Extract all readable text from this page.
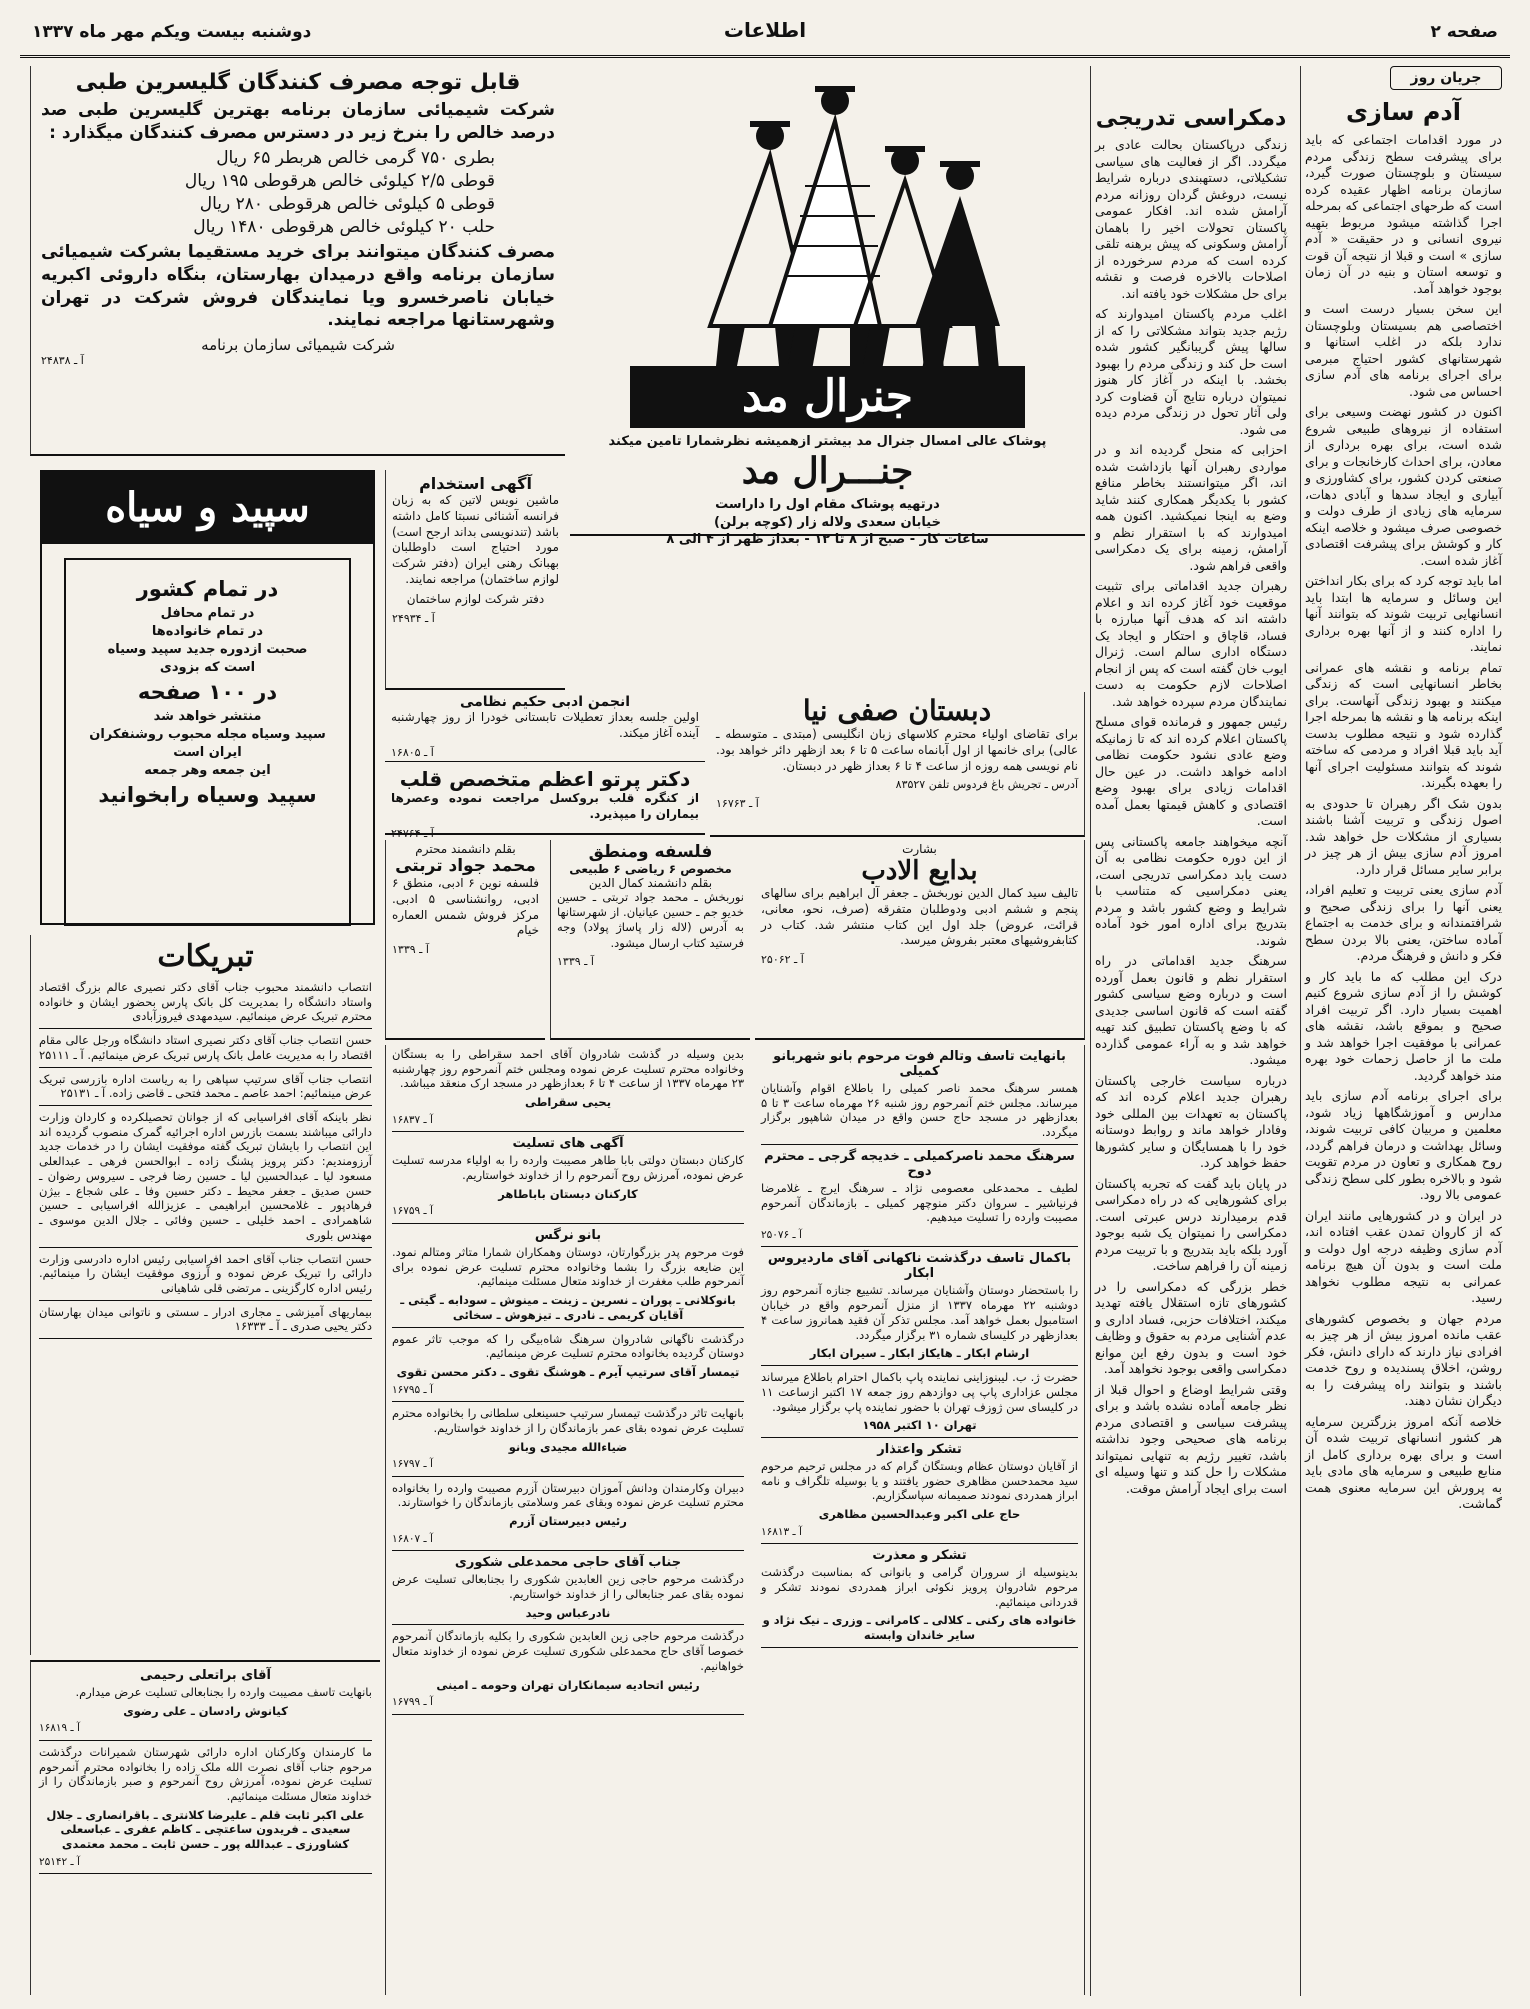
صفحه ۲
اطلاعات
دوشنبه بیست ویکم مهر ماه ۱۳۳۷
جریان روز
آدم سازی

در مورد اقدامات اجتماعی که باید برای پیشرفت سطح زندگی مردم سیستان و بلوچستان صورت گیرد، سازمان برنامه اظهار عقیده کرده است که طرحهای اجتماعی که بمرحله اجرا گذاشته میشود مربوط بتهیه نیروی انسانی و در حقیقت « آدم سازی » است و قبلا از نتیجه آن قوت و توسعه استان و بنیه در آن زمان بوجود خواهد آمد.

این سخن بسیار درست است و اختصاصی هم بسیستان وبلوچستان ندارد بلکه در اغلب استانها و شهرستانهای کشور احتیاج مبرمی برای اجرای برنامه های آدم سازی احساس می شود.

اکنون در کشور نهضت وسیعی برای استفاده از نیروهای طبیعی شروع شده است، برای بهره برداری از معادن، برای احداث کارخانجات و برای صنعتی کردن کشور، برای کشاورزی و آبیاری و ایجاد سدها و آبادی دهات، سرمایه های زیادی از طرف دولت و خصوصی صرف میشود و خلاصه اینکه کار و کوشش برای پیشرفت اقتصادی آغاز شده است.

اما باید توجه کرد که برای بکار انداختن این وسائل و سرمایه ها ابتدا باید انسانهایی تربیت شوند که بتوانند آنها را اداره کنند و از آنها بهره برداری نمایند.

تمام برنامه و نقشه های عمرانی بخاطر انسانهایی است که زندگی میکنند و بهبود زندگی آنهاست. برای اینکه برنامه ها و نقشه ها بمرحله اجرا گذارده شود و نتیجه مطلوب بدست آید باید قبلا افراد و مردمی که ساخته شوند که بتوانند مسئولیت اجرای آنها را بعهده بگیرند.

بدون شک اگر رهبران تا حدودی به اصول زندگی و تربیت آشنا باشند بسیاری از مشکلات حل خواهد شد. امروز آدم سازی بیش از هر چیز در برابر سایر مسائل قرار دارد.

آدم سازی یعنی تربیت و تعلیم افراد، یعنی آنها را برای زندگی صحیح و شرافتمندانه و برای خدمت به اجتماع آماده ساختن، یعنی بالا بردن سطح فکر و دانش و فرهنگ مردم.

درک این مطلب که ما باید کار و کوشش را از آدم سازی شروع کنیم اهمیت بسیار دارد. اگر تربیت افراد صحیح و بموقع باشد، نقشه های عمرانی با موفقیت اجرا خواهد شد و ملت ما از حاصل زحمات خود بهره مند خواهد گردید.

برای اجرای برنامه آدم سازی باید مدارس و آموزشگاهها زیاد شود، معلمین و مربیان کافی تربیت شوند، وسائل بهداشت و درمان فراهم گردد، روح همکاری و تعاون در مردم تقویت شود و بالاخره بطور کلی سطح زندگی عمومی بالا رود.

در ایران و در کشورهایی مانند ایران که از کاروان تمدن عقب افتاده اند، آدم سازی وظیفه درجه اول دولت و ملت است و بدون آن هیچ برنامه عمرانی به نتیجه مطلوب نخواهد رسید.

مردم جهان و بخصوص کشورهای عقب مانده امروز بیش از هر چیز به افرادی نیاز دارند که دارای دانش، فکر روشن، اخلاق پسندیده و روح خدمت باشند و بتوانند راه پیشرفت را به دیگران نشان دهند.

خلاصه آنکه امروز بزرگترین سرمایه هر کشور انسانهای تربیت شده آن است و برای بهره برداری کامل از منابع طبیعی و سرمایه های مادی باید به پرورش این سرمایه معنوی همت گماشت.

دمکراسی تدریجی

زندگی درپاکستان بحالت عادی بر میگردد. اگر از فعالیت های سیاسی تشکیلاتی، دستهبندی درباره شرایط نیست، دروغش گردان روزانه مردم آرامش شده اند. افکار عمومی پاکستان تحولات اخیر را باهمان آرامش وسکونی که پیش برهنه تلقی کرده است که مردم سرخورده از اصلاحات بالاخره فرصت و نقشه برای حل مشکلات خود یافته اند.

اغلب مردم پاکستان امیدوارند که رژیم جدید بتواند مشکلاتی را که از سالها پیش گریبانگیر کشور شده است حل کند و زندگی مردم را بهبود بخشد. با اینکه در آغاز کار هنوز نمیتوان درباره نتایج آن قضاوت کرد ولی آثار تحول در زندگی مردم دیده می شود.

احزابی که منحل گردیده اند و در مواردی رهبران آنها بازداشت شده اند، اگر میتوانستند بخاطر منافع کشور با یکدیگر همکاری کنند شاید وضع به اینجا نمیکشید. اکنون همه امیدوارند که با استقرار نظم و آرامش، زمینه برای یک دمکراسی واقعی فراهم شود.

رهبران جدید اقداماتی برای تثبیت موقعیت خود آغاز کرده اند و اعلام داشته اند که هدف آنها مبارزه با فساد، قاچاق و احتکار و ایجاد یک دستگاه اداری سالم است. ژنرال ایوب خان گفته است که پس از انجام اصلاحات لازم حکومت به دست نمایندگان مردم سپرده خواهد شد.

رئیس جمهور و فرمانده قوای مسلح پاکستان اعلام کرده اند که تا زمانیکه وضع عادی نشود حکومت نظامی ادامه خواهد داشت. در عین حال اقدامات زیادی برای بهبود وضع اقتصادی و کاهش قیمتها بعمل آمده است.

آنچه میخواهند جامعه پاکستانی پس از این دوره حکومت نظامی به آن دست یابد دمکراسی تدریجی است، یعنی دمکراسیی که متناسب با شرایط و وضع کشور باشد و مردم بتدریج برای اداره امور خود آماده شوند.

سرهنگ جدید اقداماتی در راه استقرار نظم و قانون بعمل آورده است و درباره وضع سیاسی کشور گفته است که قانون اساسی جدیدی که با وضع پاکستان تطبیق کند تهیه خواهد شد و به آراء عمومی گذارده میشود.

درباره سیاست خارجی پاکستان رهبران جدید اعلام کرده اند که پاکستان به تعهدات بین المللی خود وفادار خواهد ماند و روابط دوستانه خود را با همسایگان و سایر کشورها حفظ خواهد کرد.

در پایان باید گفت که تجربه پاکستان برای کشورهایی که در راه دمکراسی قدم برمیدارند درس عبرتی است. دمکراسی را نمیتوان یک شبه بوجود آورد بلکه باید بتدریج و با تربیت مردم زمینه آن را فراهم ساخت.

خطر بزرگی که دمکراسی را در کشورهای تازه استقلال یافته تهدید میکند، اختلافات حزبی، فساد اداری و عدم آشنایی مردم به حقوق و وظایف خود است و بدون رفع این موانع دمکراسی واقعی بوجود نخواهد آمد.

وقتی شرایط اوضاع و احوال قبلا از نظر جامعه آماده نشده باشد و برای پیشرفت سیاسی و اقتصادی مردم برنامه های صحیحی وجود نداشته باشد، تغییر رژیم به تنهایی نمیتواند مشکلات را حل کند و تنها وسیله ای است برای ایجاد آرامش موقت.

جنرال مد
پوشاک عالی امسال جنرال مد بیشتر ازهمیشه نظرشمارا تامین میکند
جنـــرال مد
درتهیه پوشاک مقام اول را داراست
خیابان سعدی ولاله زار (کوچه برلن)
ساعات کار - صبح از ۸ تا ۱۲ - بعداز ظهر از ۴ الی ۸
قابل توجه مصرف کنندگان گلیسرین طبی
شرکت شیمیائی سازمان برنامه بهترین گلیسرین طبی صد درصد خالص را بنرخ زیر در دسترس مصرف کنندگان میگذارد :
بطری ۷۵۰ گرمی خالص هربطر ۶۵ ریال
قوطی ۲/۵ کیلوئی خالص هرقوطی ۱۹۵ ریال
قوطی ۵ کیلوئی خالص هرقوطی ۲۸۰ ریال
حلب ۲۰ کیلوئی خالص هرقوطی ۱۴۸۰ ریال
مصرف کنندگان میتوانند برای خرید مستقیما بشرکت شیمیائی سازمان برنامه واقع درمیدان بهارستان، بنگاه داروئی اکبریه خیابان ناصرخسرو ویا نمایندگان فروش شرکت در تهران وشهرستانها مراجعه نمایند.
شرکت شیمیائی سازمان برنامه
آ ـ ۲۴۸۳۸
سپید و سیاه
در تمام کشور
در تمام محافل
در تمام خانواده‌ها
صحبت ازدوره جدید سپید وسیاه
است که بزودی
در ۱۰۰ صفحه
منتشر خواهد شد
سپید وسیاه مجله محبوب روشنفکران
ایران است
این جمعه وهر جمعه
سپید وسیاه رابخوانید
آگهی استخدام

ماشین نویس لاتین که به زبان فرانسه آشنائی نسبتا کامل داشته باشد (تندنویسی بداند ارجح است) مورد احتیاج است داوطلبان بهبانک رهنی ایران (دفتر شرکت لوازم ساختمان) مراجعه نمایند.

دفتر شرکت لوازم ساختمان

آ ـ ۲۴۹۳۴

انجمن ادبی حکیم نظامی

اولین جلسه بعداز تعطیلات تابستانی خودرا از روز چهارشنبه آینده آغاز میکند.

آ ـ ۱۶۸۰۵

دکتر پرتو اعظم متخصص قلب

از کنگره قلب بروکسل مراجعت نموده وعصرها بیماران را میپذیرد.

آ ـ ۲۴۷۶۴

دبستان صفی نیا

برای تقاضای اولیاء محترم کلاسهای زبان انگلیسی (مبتدی ـ متوسطه ـ عالی) برای خانمها از اول آبانماه ساعت ۵ تا ۶ بعد ازظهر دائر خواهد بود. نام نویسی همه روزه از ساعت ۴ تا ۶ بعداز ظهر در دبستان.

آدرس ـ تجریش باغ فردوس تلفن ۸۳۵۲۷

آ ـ ۱۶۷۶۳

بقلم دانشمند محترم
محمد جواد تربتی

فلسفه نوین ۶ ادبی، منطق ۶ ادبی، روانشناسی ۵ ادبی. مرکز فروش شمس العماره خیام

آ ـ ۱۳۳۹

فلسفه ومنطق
مخصوص ۶ ریاضی ۶ طبیعی
بقلم دانشمند کمال الدین

نوربخش ـ محمد جواد تربتی ـ حسین خدیو جم ـ حسین عیانیان. از شهرستانها به آدرس (لاله زار پاساژ پولاد) وجه فرستید کتاب ارسال میشود.

آ ـ ۱۳۳۹

بشارت
بدایع الادب

تالیف سید کمال الدین نوربخش ـ جعفر آل ابراهیم برای سالهای پنجم و ششم ادبی ودوطلبان متفرقه (صرف، نحو، معانی، قرائت، عروض) جلد اول این کتاب منتشر شد. کتاب در کتابفروشیهای معتبر بفروش میرسد.

آ ـ ۲۵۰۶۲

تبریکات

انتصاب دانشمند محبوب جناب آقای دکتر نصیری عالم بزرگ اقتصاد واستاد دانشگاه را بمدیریت کل بانک پارس بحضور ایشان و خانواده محترم تبریک عرض مینمائیم. سیدمهدی فیروزآبادی

حسن انتصاب جناب آقای دکتر نصیری استاد دانشگاه ورجل عالی مقام اقتصاد را به مدیریت عامل بانک پارس تبریک عرض مینمائیم. آ ـ ۲۵۱۱۱

انتصاب جناب آقای سرتیپ سپاهی را به ریاست اداره بازرسی تبریک عرض مینمائیم: احمد عاصم ـ محمد فتحی ـ قاضی زاده. آ ـ ۲۵۱۳۱

نظر باینکه آقای افراسیابی که از جوانان تحصیلکرده و کاردان وزارت دارائی میباشند بسمت بازرس اداره اجرائیه گمرک منصوب گردیده اند این انتصاب را بایشان تبریک گفته موفقیت ایشان را در خدمات جدید آرزومندیم: دکتر پرویز پشنگ زاده ـ ابوالحسن فرهی ـ عبدالعلی مسعود لیا ـ عبدالحسین لیا ـ حسین رضا فرجی ـ سیروس رضوان ـ حسن صدیق ـ جعفر محیط ـ دکتر حسین وفا ـ علی شجاع ـ بیژن فرهادپور ـ غلامحسین ابراهیمی ـ عزیزالله افراسیابی ـ حسین شاهمرادی ـ احمد خلیلی ـ حسین وفائی ـ جلال الدین موسوی ـ مهندس بلوری

حسن انتصاب جناب آقای احمد افراسیابی رئیس اداره دادرسی وزارت دارائی را تبریک عرض نموده و آرزوی موفقیت ایشان را مینمائیم. رئیس اداره کارگزینی ـ مرتضی قلی شاهیانی

بیماریهای آمیزشی ـ مجاری ادرار ـ سستی و ناتوانی میدان بهارستان دکتر یحیی صدری ـ آ ـ ۱۶۳۳۳

بدین وسیله در گذشت شادروان آقای احمد سقراطی را به بستگان وخانواده محترم تسلیت عرض نموده ومجلس ختم آنمرحوم روز چهارشنبه ۲۳ مهرماه ۱۳۳۷ از ساعت ۴ تا ۶ بعدازظهر در مسجد ارک منعقد میباشد.

یحیی سقراطی

آ ـ ۱۶۸۳۷

آگهی های تسلیت

کارکنان دبستان دولتی بابا طاهر مصیبت وارده را به اولیاء مدرسه تسلیت عرض نموده، آمرزش روح آنمرحوم را از خداوند خواستاریم.

کارکنان دبستان باباطاهر

آ ـ ۱۶۷۵۹

بانو نرگس

فوت مرحوم پدر بزرگوارتان، دوستان وهمکاران شمارا متاثر ومتالم نمود. این ضایعه بزرگ را بشما وخانواده محترم تسلیت عرض نموده برای آنمرحوم طلب مغفرت از خداوند متعال مسئلت مینمائیم.

بانوکلانی ـ پوران ـ نسرین ـ زینت ـ مینوش ـ سودابه ـ گیتی ـ آقایان کریمی ـ نادری ـ تیزهوش ـ سخائی

درگذشت ناگهانی شادروان سرهنگ شاه‌بیگی را که موجب تاثر عموم دوستان گردیده بخانواده محترم تسلیت عرض مینمائیم.

تیمسار آقای سرتیپ آیرم ـ هوشنگ تقوی ـ دکتر محسن تقوی

آ ـ ۱۶۷۹۵

بانهایت تاثر درگذشت تیمسار سرتیپ حسینعلی سلطانی را بخانواده محترم تسلیت عرض نموده بقای عمر بازماندگان را از خداوند خواستاریم.

ضیاءالله مجیدی وبانو

آ ـ ۱۶۷۹۷

دبیران وکارمندان ودانش آموزان دبیرستان آزرم مصیبت وارده را بخانواده محترم تسلیت عرض نموده وبقای عمر وسلامتی بازماندگان را خواستارند.

رئیس دبیرستان آزرم

آ ـ ۱۶۸۰۷

جناب آقای حاجی محمدعلی شکوری

درگذشت مرحوم حاجی زین العابدین شکوری را بجنابعالی تسلیت عرض نموده بقای عمر جنابعالی را از خداوند خواستاریم.

نادرعباس وحید

درگذشت مرحوم حاجی زین العابدین شکوری را بکلیه بازماندگان آنمرحوم خصوصا آقای حاج محمدعلی شکوری تسلیت عرض نموده از خداوند متعال خواهانیم.

رئیس اتحادیه سیمانکاران تهران وحومه ـ امینی

آ ـ ۱۶۷۹۹

بانهایت تاسف وتالم فوت مرحوم بانو شهربانو کمیلی

همسر سرهنگ محمد ناصر کمیلی را باطلاع اقوام وآشنایان میرساند. مجلس ختم آنمرحوم روز شنبه ۲۶ مهرماه ساعت ۳ تا ۵ بعدازظهر در مسجد حاج حسن واقع در میدان شاهپور برگزار میگردد.

سرهنگ محمد ناصرکمیلی ـ خدیجه گرجی ـ محترم دوح

لطیف ـ محمدعلی معصومی نژاد ـ سرهنگ ایرج ـ غلامرضا فرنیاشیر ـ سروان دکتر منوچهر کمیلی ـ بازماندگان آنمرحوم مصیبت وارده را تسلیت میدهیم.

آ ـ ۲۵۰۷۶

باکمال تاسف درگذشت ناکهانی آقای ماردیروس ابکار

را باستحضار دوستان وآشنایان میرساند. تشییع جنازه آنمرحوم روز دوشنبه ۲۲ مهرماه ۱۳۳۷ از منزل آنمرحوم واقع در خیابان استامبول بعمل خواهد آمد. مجلس تذکر آن فقید همانروز ساعت ۴ بعدازظهر در کلیسای شماره ۳۱ برگزار میگردد.

ارشام ابکار ـ هایکاز ابکار ـ سیران ابکار

حضرت ژ. ب. لیبنوزاینی نماینده پاپ باکمال احترام باطلاع میرساند مجلس عزاداری پاپ پی دوازدهم روز جمعه ۱۷ اکتبر ازساعت ۱۱ در کلیسای سن ژوزف تهران با حضور نماینده پاپ برگزار میشود.

تهران ۱۰ اکتبر ۱۹۵۸

تشکر واعتذار

از آقایان دوستان عظام وبستگان گرام که در مجلس ترحیم مرحوم سید محمدحسن مظاهری حضور یافتند و یا بوسیله تلگراف و نامه ابراز همدردی نمودند صمیمانه سپاسگزاریم.

حاج علی اکبر وعبدالحسین مظاهری

آ ـ ۱۶۸۱۳

تشکر و معذرت

بدینوسیله از سروران گرامی و بانوانی که بمناسبت درگذشت مرحوم شادروان پرویز نکوئی ابراز همدردی نمودند تشکر و قدردانی مینمائیم.

خانواده های رکنی ـ کلالی ـ کامرانی ـ وزری ـ نیک نژاد و سایر خاندان وابسته

آقای براتعلی رحیمی

بانهایت تاسف مصیبت وارده را بجنابعالی تسلیت عرض میدارم.

کیانوش رادسان ـ علی رضوی

آ ـ ۱۶۸۱۹

ما کارمندان وکارکنان اداره دارائی شهرستان شمیرانات درگذشت مرحوم جناب آقای نصرت الله ملک زاده را بخانواده محترم آنمرحوم تسلیت عرض نموده، آمرزش روح آنمرحوم و صبر بازماندگان را از خداوند متعال مسئلت مینمائیم.

علی اکبر ثابت قلم ـ علیرضا کلانتری ـ باقرانصاری ـ جلال سعیدی ـ فریدون ساعتچی ـ کاظم عفری ـ عباسعلی کشاورزی ـ عبدالله پور ـ حسن ثابت ـ محمد معتمدی

آ ـ ۲۵۱۴۲
